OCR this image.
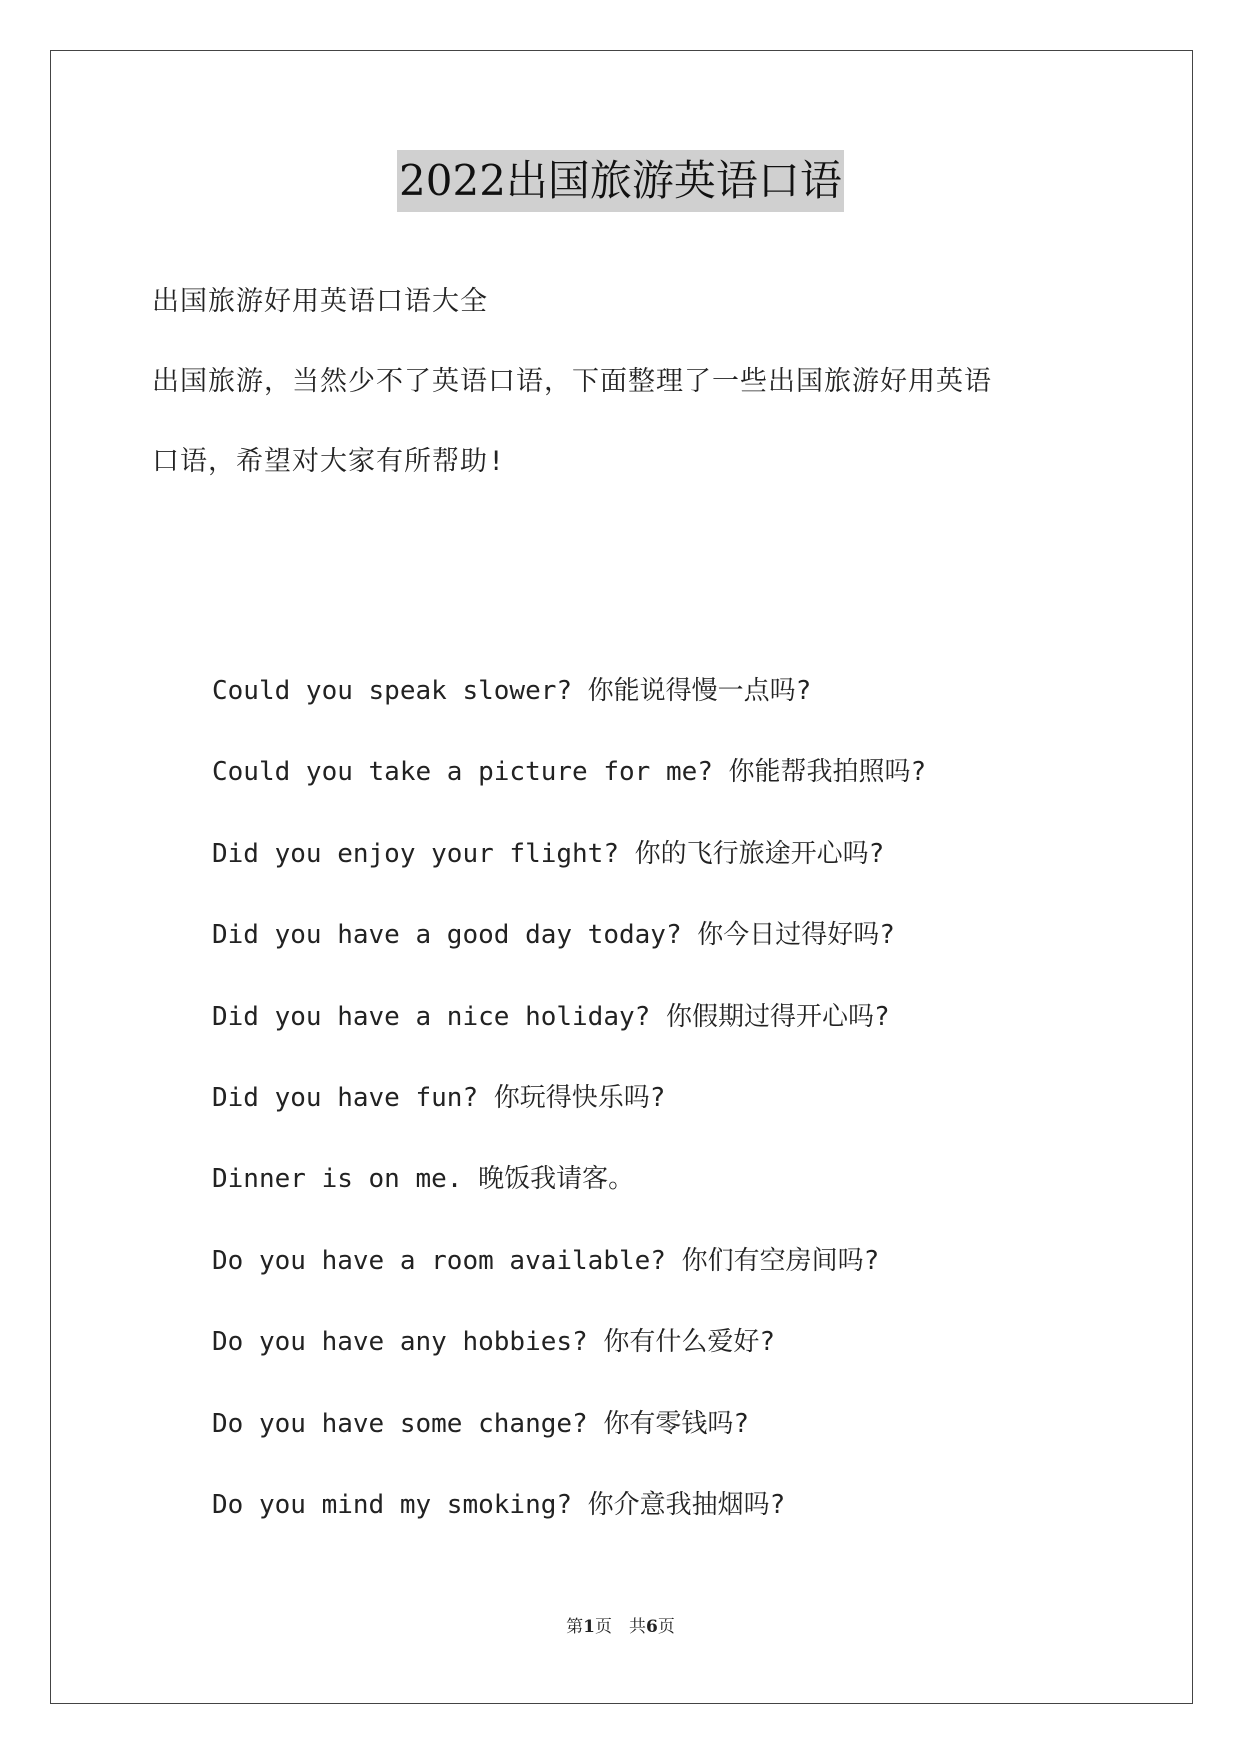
2022出国旅游英语口语

出国旅游好用英语口语大全

出国旅游，当然少不了英语口语，下面整理了一些出国旅游好用英语

口语，希望对大家有所帮助!

Could you speak slower? 你能说得慢一点吗?
Could you take a picture for me? 你能帮我拍照吗?
Did you enjoy your flight? 你的飞行旅途开心吗?
Did you have a good day today? 你今日过得好吗?
Did you have a nice holiday? 你假期过得开心吗?
Did you have fun? 你玩得快乐吗?
Dinner is on me. 晚饭我请客。
Do you have a room available? 你们有空房间吗?
Do you have any hobbies? 你有什么爱好?
Do you have some change? 你有零钱吗?
Do you mind my smoking? 你介意我抽烟吗?
第1页　共6页
